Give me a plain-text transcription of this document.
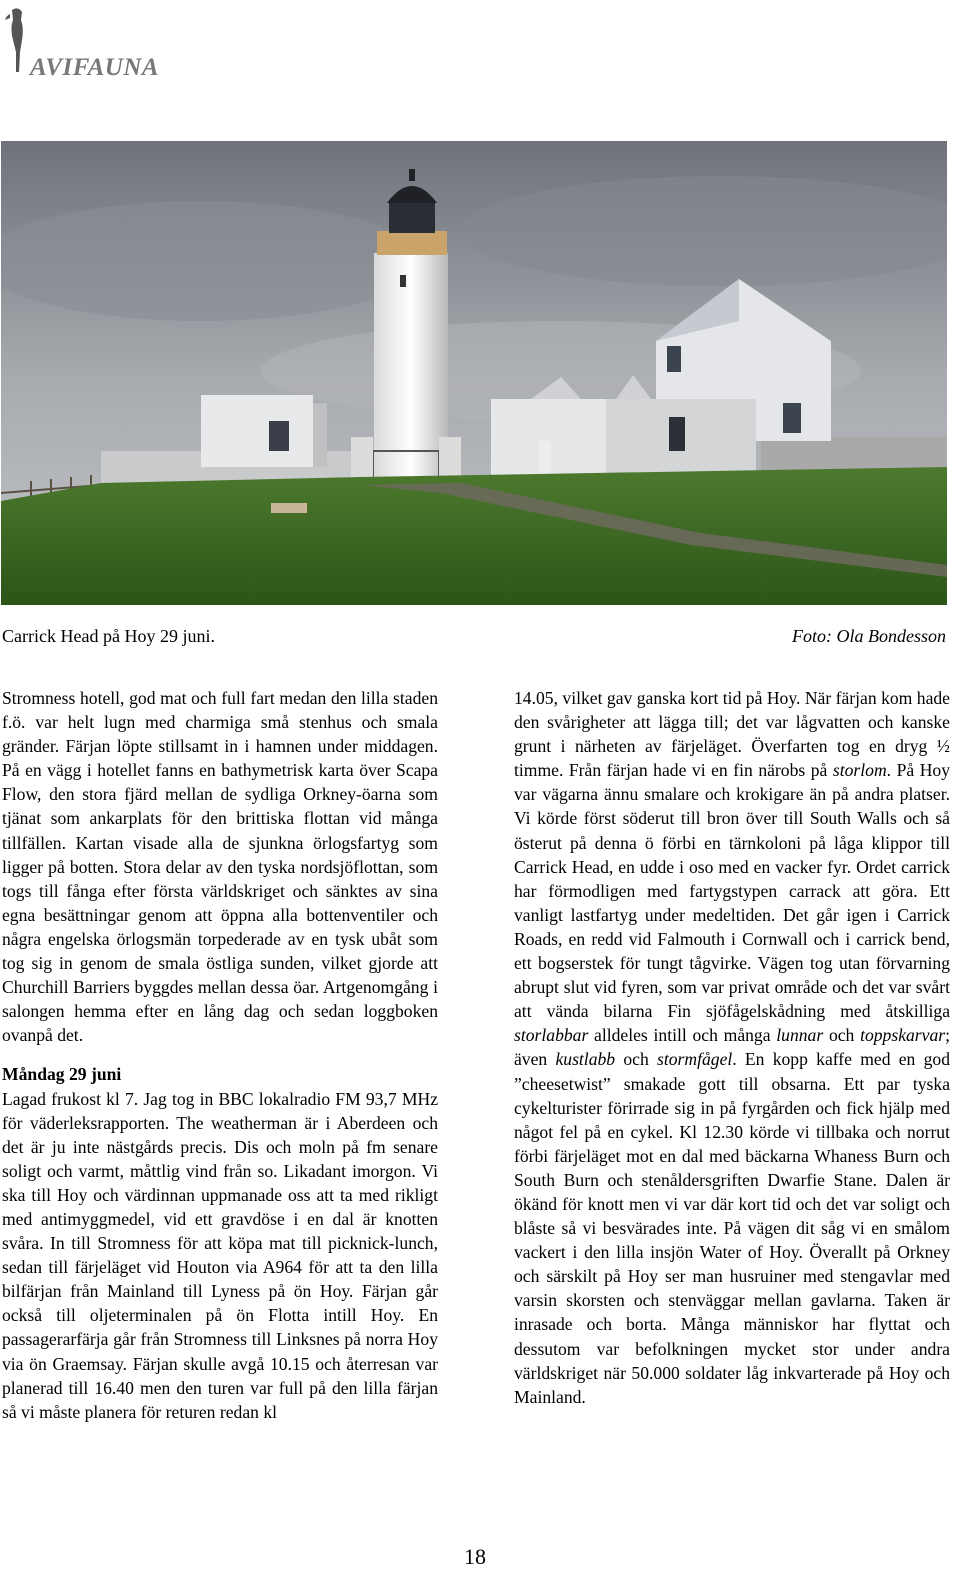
AVIFAUNA
Carrick Head på Hoy 29 juni.	Foto: Ola Bondesson

Stromness hotell, god mat och full fart medan den lilla staden f.ö. var helt lugn med charmiga små stenhus och smala gränder. Färjan löpte stillsamt in i hamnen under middagen. På en vägg i hotellet fanns en bathymetrisk karta över Scapa Flow, den stora fjärd mellan de sydliga Orkney-öarna som tjänat som ankarplats för den brittiska flottan vid många tillfällen. Kartan visade alla de sjunkna örlogsfartyg som ligger på botten. Stora delar av den tyska nordsjöflottan, som togs till fånga efter första världskriget och sänktes av sina egna besättningar genom att öppna alla bottenventiler och några engelska örlogsmän torpederade av en tysk ubåt som tog sig in genom de smala östliga sunden, vilket gjorde att Churchill Barriers byggdes mellan dessa öar. Artgenomgång i salongen hemma efter en lång dag och sedan loggboken ovanpå det.

Måndag 29 juni

Lagad frukost kl 7. Jag tog in BBC lokalradio FM 93,7 MHz för väderleksrapporten. The weatherman är i Aberdeen och det är ju inte nästgårds precis. Dis och moln på fm senare soligt och varmt, måttlig vind från so. Likadant imorgon. Vi ska till Hoy och värdinnan uppmanade oss att ta med rikligt med antimyggmedel, vid ett gravdöse i en dal är knotten svåra. In till Stromness för att köpa mat till picknick-lunch, sedan till färjeläget vid Houton via A964 för att ta den lilla bilfärjan från Mainland till Lyness på ön Hoy. Färjan går också till oljeterminalen på ön Flotta intill Hoy. En passagerarfärja går från Stromness till Linksnes på norra Hoy via ön Graemsay. Färjan skulle avgå 10.15 och återresan var planerad till 16.40 men den turen var full på den lilla färjan så vi måste planera för returen redan kl

14.05, vilket gav ganska kort tid på Hoy. När färjan kom hade den svårigheter att lägga till; det var lågvatten och kanske grunt i närheten av färjeläget. Överfarten tog en dryg ½ timme. Från färjan hade vi en fin närobs på storlom. På Hoy var vägarna ännu smalare och krokigare än på andra platser. Vi körde först söderut till bron över till South Walls och så österut på denna ö förbi en tärnkoloni på låga klippor till Carrick Head, en udde i oso med en vacker fyr. Ordet carrick har förmodligen med fartygstypen carrack att göra. Ett vanligt lastfartyg under medeltiden. Det går igen i Carrick Roads, en redd vid Falmouth i Cornwall och i carrick bend, ett bogserstek för tungt tågvirke. Vägen tog utan förvarning abrupt slut vid fyren, som var privat område och det var svårt att vända bilarna Fin sjöfågelskådning med åtskilliga storlabbar alldeles intill och många lunnar och toppskarvar; även kustlabb och stormfågel. En kopp kaffe med en god ”cheesetwist” smakade gott till obsarna. Ett par tyska cykelturister förirrade sig in på fyrgården och fick hjälp med något fel på en cykel. Kl 12.30 körde vi tillbaka och norrut förbi färjeläget mot en dal med bäckarna Whaness Burn och South Burn och stenåldersgriften Dwarfie Stane. Dalen är ökänd för knott men vi var där kort tid och det var soligt och blåste så vi besvärades inte. På vägen dit såg vi en smålom vackert i den lilla insjön Water of Hoy. Överallt på Orkney och särskilt på Hoy ser man husruiner med stengavlar med varsin skorsten och stenväggar mellan gavlarna. Taken är inrasade och borta. Många människor har flyttat och dessutom var befolkningen mycket stor under andra världskriget när 50.000 soldater låg inkvarterade på Hoy och Mainland.

18
